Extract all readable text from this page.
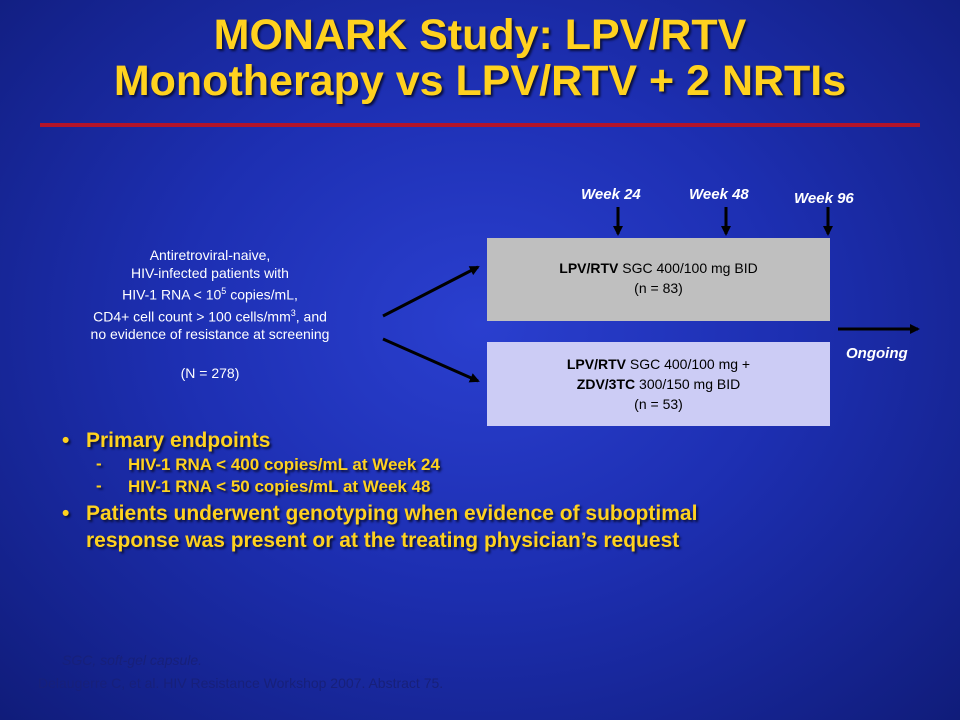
MONARK Study: LPV/RTV
Monotherapy vs LPV/RTV + 2 NRTIs
Week 24	Week 48	Week 96
Ongoing
Antiretroviral-naive,
HIV-infected patients with
HIV-1 RNA < $10^5$ copies/mL,
CD4+ cell count > 100 cells/$mm^3$, and
no evidence of resistance at screening
(N = 278)
LPV/RTV SGC 400/100 mg BID
(n = 83)
LPV/RTV SGC 400/100 mg +
ZDV/3TC 300/150 mg BID
(n = 53)
• Primary endpoints
- HIV-1 RNA < 400 copies/mL at Week 24
- HIV-1 RNA < 50 copies/mL at Week 48
• Patients underwent genotyping when evidence of suboptimal
response was present or at the treating physician’s request
SGC, soft-gel capsule.
Delaugerre C, et al. HIV Resistance Workshop 2007. Abstract 75.
